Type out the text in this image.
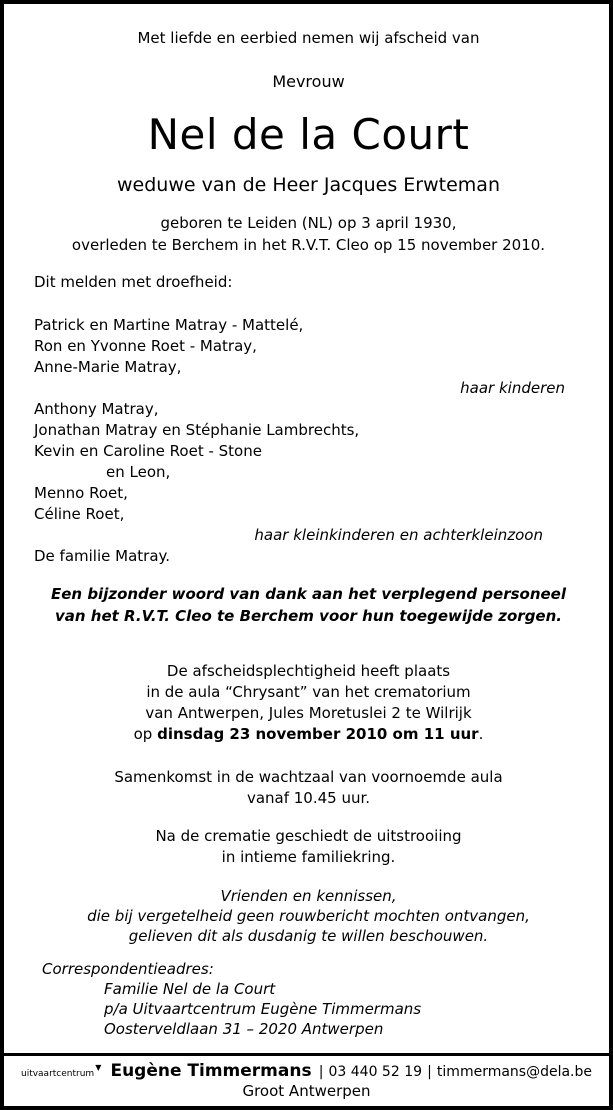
Met liefde en eerbied nemen wij afscheid van
Mevrouw
Nel de la Court
weduwe van de Heer Jacques Erwteman
geboren te Leiden (NL) op 3 april 1930,
overleden te Berchem in het R.V.T. Cleo op 15 november 2010.
Dit melden met droefheid:
Patrick en Martine Matray - Mattelé,
Ron en Yvonne Roet - Matray,
Anne-Marie Matray,
haar kinderen
Anthony Matray,
Jonathan Matray en Stéphanie Lambrechts,
Kevin en Caroline Roet - Stone
en Leon,
Menno Roet,
Céline Roet,
haar kleinkinderen en achterkleinzoon
De familie Matray.
Een bijzonder woord van dank aan het verplegend personeel
van het R.V.T. Cleo te Berchem voor hun toegewijde zorgen.
De afscheidsplechtigheid heeft plaats
in de aula “Chrysant” van het crematorium
van Antwerpen, Jules Moretuslei 2 te Wilrijk
op dinsdag 23 november 2010 om 11 uur.
Samenkomst in de wachtzaal van voornoemde aula
vanaf 10.45 uur.
Na de crematie geschiedt de uitstrooiing
in intieme familiekring.
Vrienden en kennissen,
die bij vergetelheid geen rouwbericht mochten ontvangen,
gelieven dit als dusdanig te willen beschouwen.
Correspondentieadres:
Familie Nel de la Court
p/a Uitvaartcentrum Eugène Timmermans
Oosterveldlaan 31 – 2020 Antwerpen
uitvaartcentrum▼ Eugène Timmermans | 03 440 52 19 | timmermans@dela.be
Groot Antwerpen
